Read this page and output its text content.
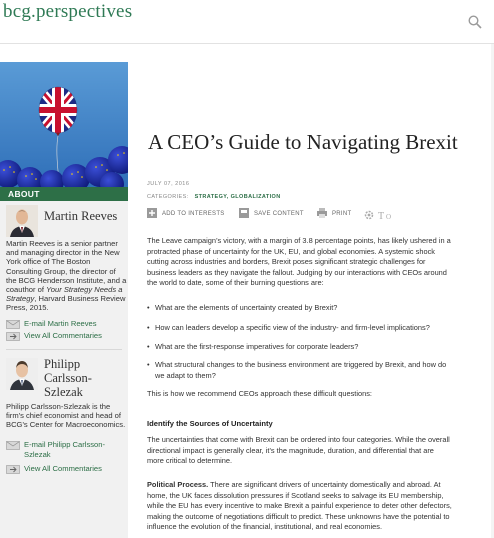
bcg.perspectives
ABOUT
Martin Reeves
Martin Reeves is a senior partner and managing director in the New York office of The Boston Consulting Group, the director of the BCG Henderson Institute, and a coauthor of Your Strategy Needs a Strategy, Harvard Business Review Press, 2015.
E-mail Martin Reeves
View All Commentaries
Philipp
Carlsson-
Szlezak
Philipp Carlsson-Szlezak is the firm's chief economist and head of BCG's Center for Macroeconomics.
E-mail Philipp Carlsson-
Szlezak
View All Commentaries
A CEO’s Guide to Navigating Brexit
JULY 07, 2016
CATEGORIES: STRATEGY, GLOBALIZATION
ADD TO INTERESTS	SAVE CONTENT	PRINT	T O
The Leave campaign’s victory, with a margin of 3.8 percentage points, has likely ushered in a
protracted phase of uncertainty for the UK, EU, and global economies. A systemic shock
cutting across industries and borders, Brexit poses significant strategic challenges for
business leaders as they navigate the fallout. Judging by our interactions with CEOs around
the world to date, some of their burning questions are:
• What are the elements of uncertainty created by Brexit?
• How can leaders develop a specific view of the industry- and firm-level implications?
• What are the first-response imperatives for corporate leaders?
• What structural changes to the business environment are triggered by Brexit, and how do
we adapt to them?
This is how we recommend CEOs approach these difficult questions:
Identify the Sources of Uncertainty
The uncertainties that come with Brexit can be ordered into four categories. While the overall
directional impact is generally clear, it’s the magnitude, duration, and differential that are
more critical to determine.
Political Process. There are significant drivers of uncertainty domestically and abroad. At
home, the UK faces dissolution pressures if Scotland seeks to salvage its EU membership,
while the EU has every incentive to make Brexit a painful experience to deter other defectors,
making the outcome of negotiations difficult to predict. These unknowns have the potential to
influence the evolution of the financial, institutional, and real economies.
